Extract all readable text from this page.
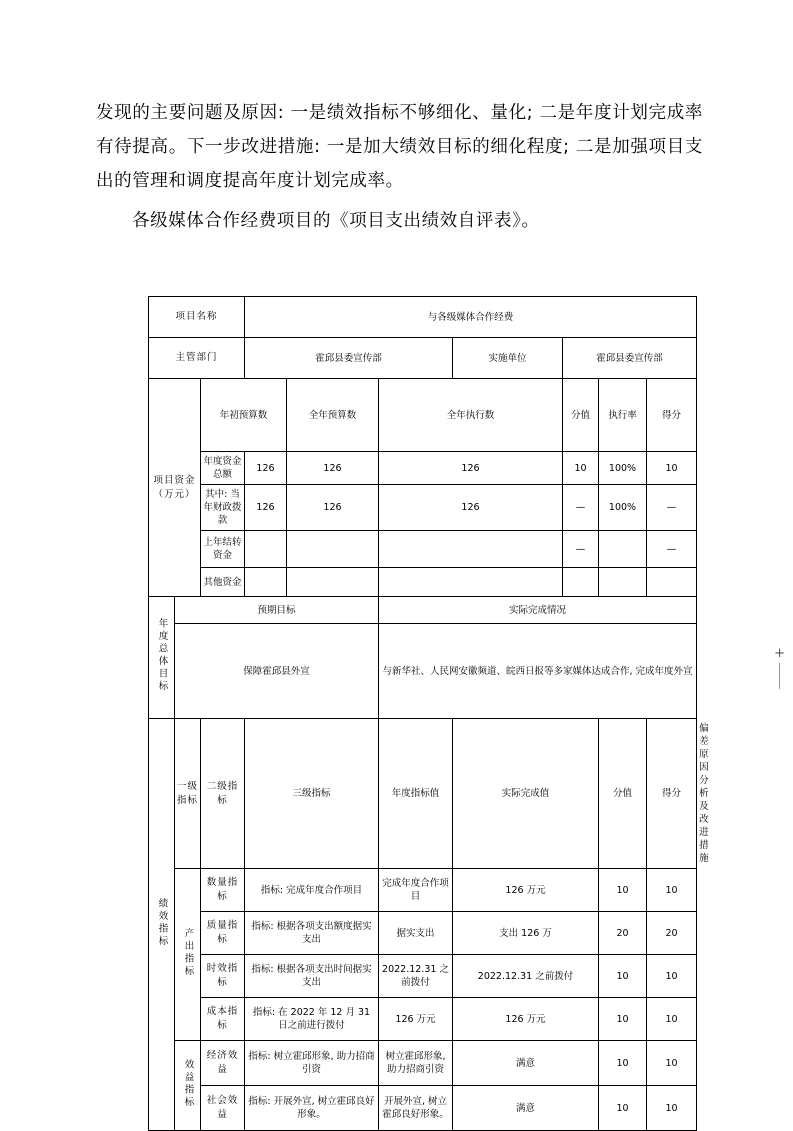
发现的主要问题及原因: 一是绩效指标不够细化、量化; 二是年度计划完成率有待提高。下一步改进措施: 一是加大绩效目标的细化程度; 二是加强项目支出的管理和调度提高年度计划完成率。

各级媒体合作经费项目的《项目支出绩效自评表》。

项目名称			与各级媒体合作经费							
主管部门			霍邱县委宣传部			实施单位	霍邱县委宣传部			
项目资金（万元）		年初预算数		全年预算数	全年执行数		分值	执行率	得分	
		年度资金总额	126	126	126		10	100%	10	
		其中: 当年财政拨款	126	126	126		—	100%	—	
		上年结转资金					—		—	
		其他资金								
年度总体目标	预期目标				实际完成情况					
	保障霍邱县外宣				与新华社、人民网安徽频道、皖西日报等多家媒体达成合作, 完成年度外宣					
绩效指标	一级指标	二级指标	三级指标		年度指标值	实际完成值		分值	得分	偏差原因分析及改进措施
	产出指标	数量指标	指标: 完成年度合作项目		完成年度合作项目	126 万元		10	10	
		质量指标	指标: 根据各项支出额度据实支出		据实支出	支出 126 万		20	20	
		时效指标	指标: 根据各项支出时间据实支出		2022.12.31 之前拨付	2022.12.31 之前拨付		10	10	
		成本指标	指标: 在 2022 年 12 月 31 日之前进行拨付		126 万元	126 万元		10	10	
	效益指标	经济效益	指标: 树立霍邱形象, 助力招商引资		树立霍邱形象, 助力招商引资	满意		10	10	
		社会效益	指标: 开展外宣, 树立霍邱良好形象。		开展外宣, 树立霍邱良好形象。	满意		10	10	
+
